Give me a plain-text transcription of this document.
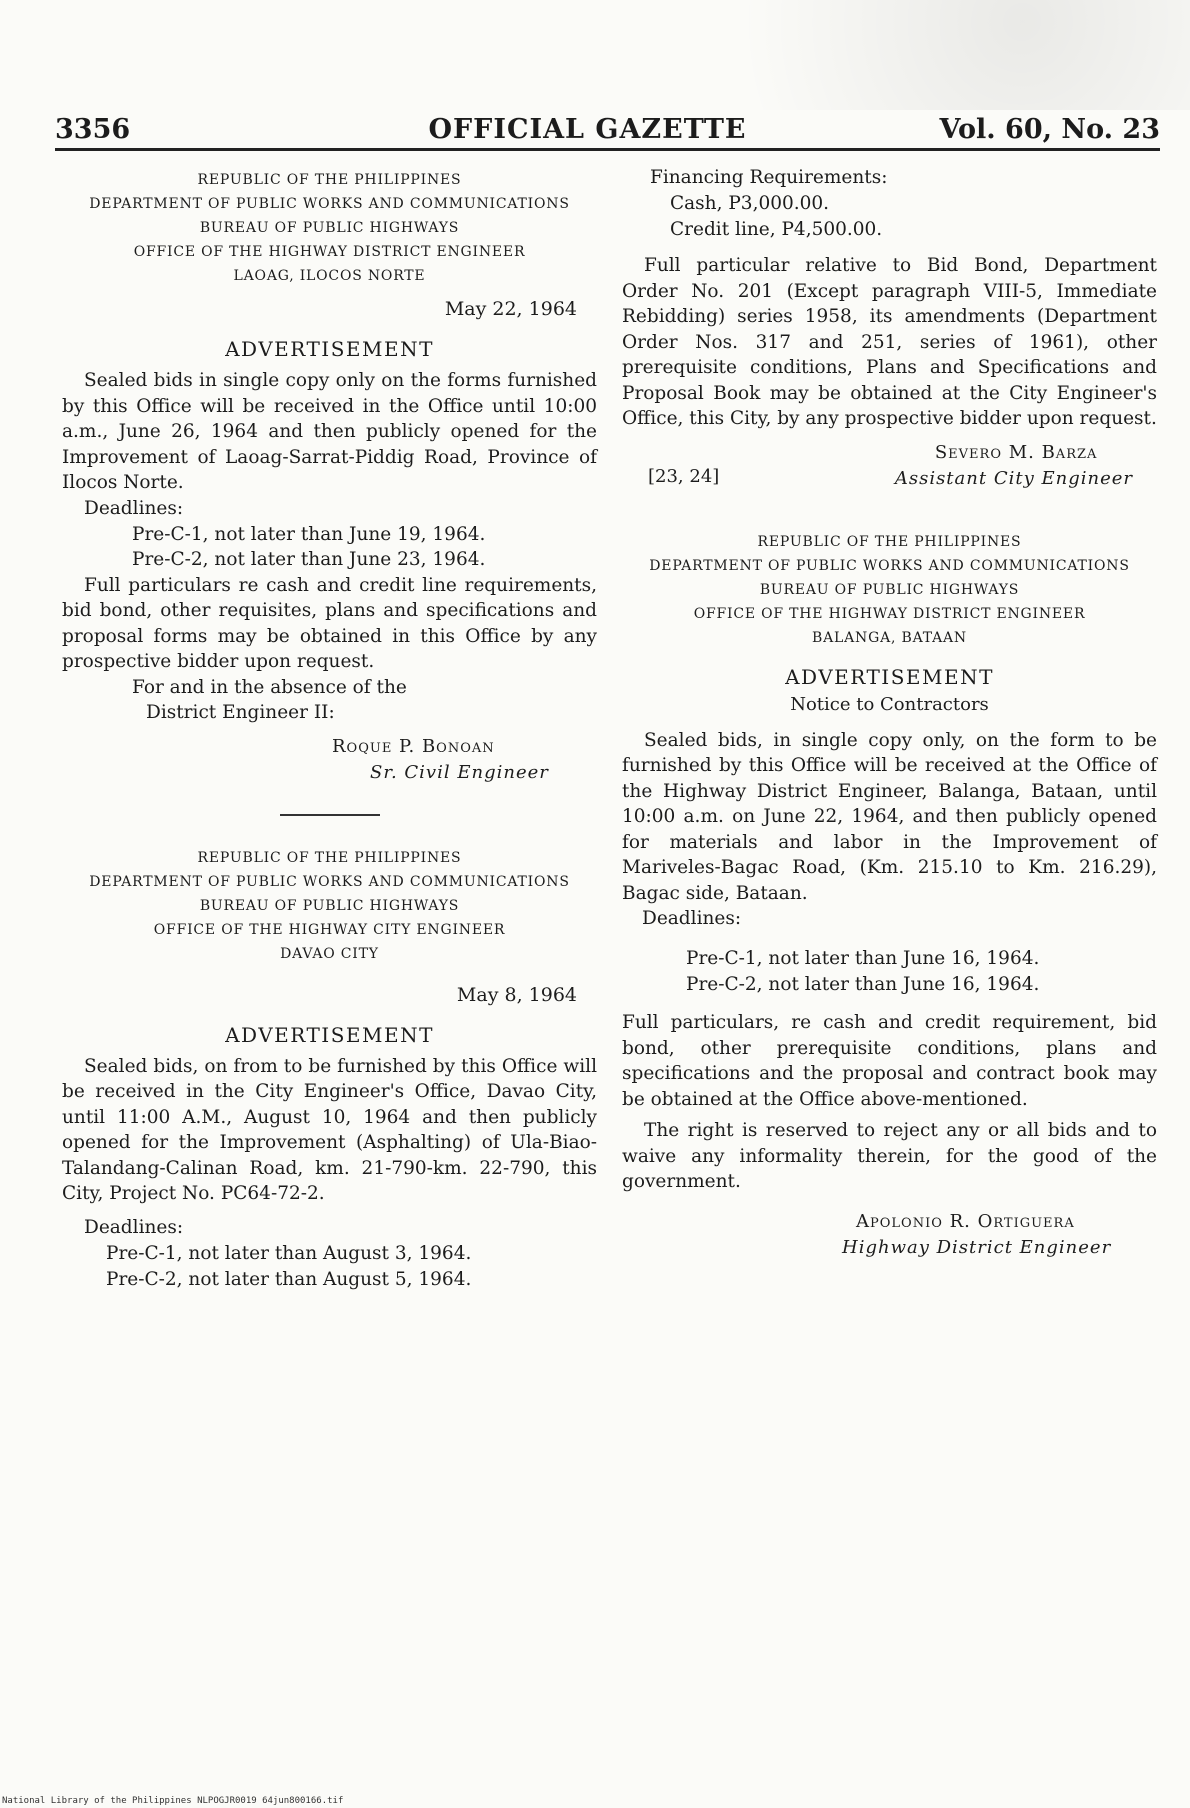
3356	OFFICIAL GAZETTE	Vol. 60, No. 23
REPUBLIC OF THE PHILIPPINES
DEPARTMENT OF PUBLIC WORKS AND COMMUNICATIONS
BUREAU OF PUBLIC HIGHWAYS
OFFICE OF THE HIGHWAY DISTRICT ENGINEER
LAOAG, ILOCOS NORTE
May 22, 1964
ADVERTISEMENT

Sealed bids in single copy only on the forms furnished by this Office will be received in the Office until 10:00 a.m., June 26, 1964 and then publicly opened for the Improvement of Laoag-Sarrat-Piddig Road, Province of Ilocos Norte.

Deadlines:
Pre-C-1, not later than June 19, 1964.
Pre-C-2, not later than June 23, 1964.

Full particulars re cash and credit line requirements, bid bond, other requisites, plans and specifications and proposal forms may be obtained in this Office by any prospective bidder upon request.

For and in the absence of the
District Engineer II:
Roque P. Bonoan
Sr. Civil Engineer
REPUBLIC OF THE PHILIPPINES
DEPARTMENT OF PUBLIC WORKS AND COMMUNICATIONS
BUREAU OF PUBLIC HIGHWAYS
OFFICE OF THE HIGHWAY CITY ENGINEER
DAVAO CITY
May 8, 1964
ADVERTISEMENT

Sealed bids, on from to be furnished by this Office will be received in the City Engineer's Office, Davao City, until 11:00 A.M., August 10, 1964 and then publicly opened for the Improvement (Asphalting) of Ula-Biao-Talandang-Calinan Road, km. 21-790-km. 22-790, this City, Project No. PC64-72-2.

Deadlines:
Pre-C-1, not later than August 3, 1964.
Pre-C-2, not later than August 5, 1964.
Financing Requirements:
Cash, P3,000.00.
Credit line, P4,500.00.

Full particular relative to Bid Bond, Department Order No. 201 (Except paragraph VIII-5, Immediate Rebidding) series 1958, its amendments (Department Order Nos. 317 and 251, series of 1961), other prerequisite conditions, Plans and Specifications and Proposal Book may be obtained at the City Engineer's Office, this City, by any prospective bidder upon request.

[23, 24]
Severo M. Barza
Assistant City Engineer
REPUBLIC OF THE PHILIPPINES
DEPARTMENT OF PUBLIC WORKS AND COMMUNICATIONS
BUREAU OF PUBLIC HIGHWAYS
OFFICE OF THE HIGHWAY DISTRICT ENGINEER
BALANGA, BATAAN
ADVERTISEMENT
Notice to Contractors

Sealed bids, in single copy only, on the form to be furnished by this Office will be received at the Office of the Highway District Engineer, Balanga, Bataan, until 10:00 a.m. on June 22, 1964, and then publicly opened for materials and labor in the Improvement of Mariveles-Bagac Road, (Km. 215.10 to Km. 216.29), Bagac side, Bataan.

Deadlines:
Pre-C-1, not later than June 16, 1964.
Pre-C-2, not later than June 16, 1964.

Full particulars, re cash and credit requirement, bid bond, other prerequisite conditions, plans and specifications and the proposal and contract book may be obtained at the Office above-mentioned.

The right is reserved to reject any or all bids and to waive any informality therein, for the good of the government.

Apolonio R. Ortiguera
Highway District Engineer
National Library of the Philippines NLPOGJR0019 64jun800166.tif
